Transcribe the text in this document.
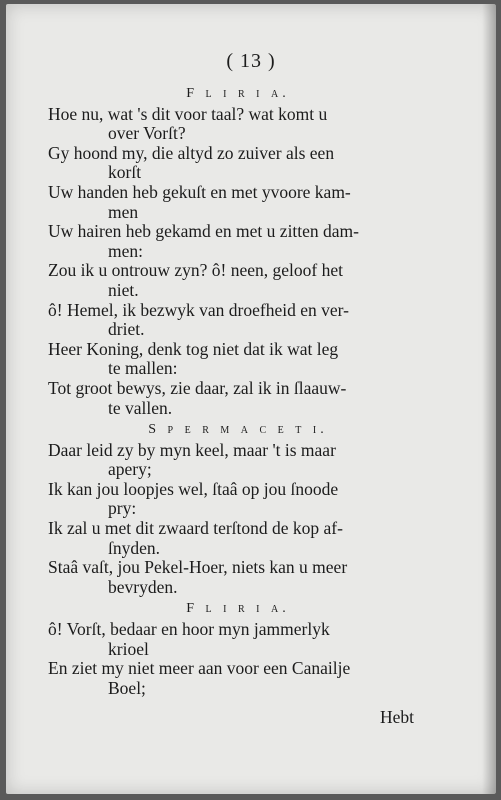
( 13 )
F l i r i a.
Hoe nu, wat 's dit voor taal? wat komt u
over Vorſt?
Gy hoond my, die altyd zo zuiver als een
korſt
Uw handen heb gekuſt en met yvoore kam-
men
Uw hairen heb gekamd en met u zitten dam-
men:
Zou ik u ontrouw zyn? ô! neen, geloof het
niet.
ô! Hemel, ik bezwyk van droefheid en ver-
driet.
Heer Koning, denk tog niet dat ik wat leg
te mallen:
Tot groot bewys, zie daar, zal ik in ſlaauw-
te vallen.
S p e r m a c e t i.
Daar leid zy by myn keel, maar 't is maar
apery;
Ik kan jou loopjes wel, ſtaâ op jou ſnoode
pry:
Ik zal u met dit zwaard terſtond de kop af-
ſnyden.
Staâ vaſt, jou Pekel-Hoer, niets kan u meer
bevryden.
F l i r i a.
ô! Vorſt, bedaar en hoor myn jammerlyk
krioel
En ziet my niet meer aan voor een Canailje
Boel;
Hebt
